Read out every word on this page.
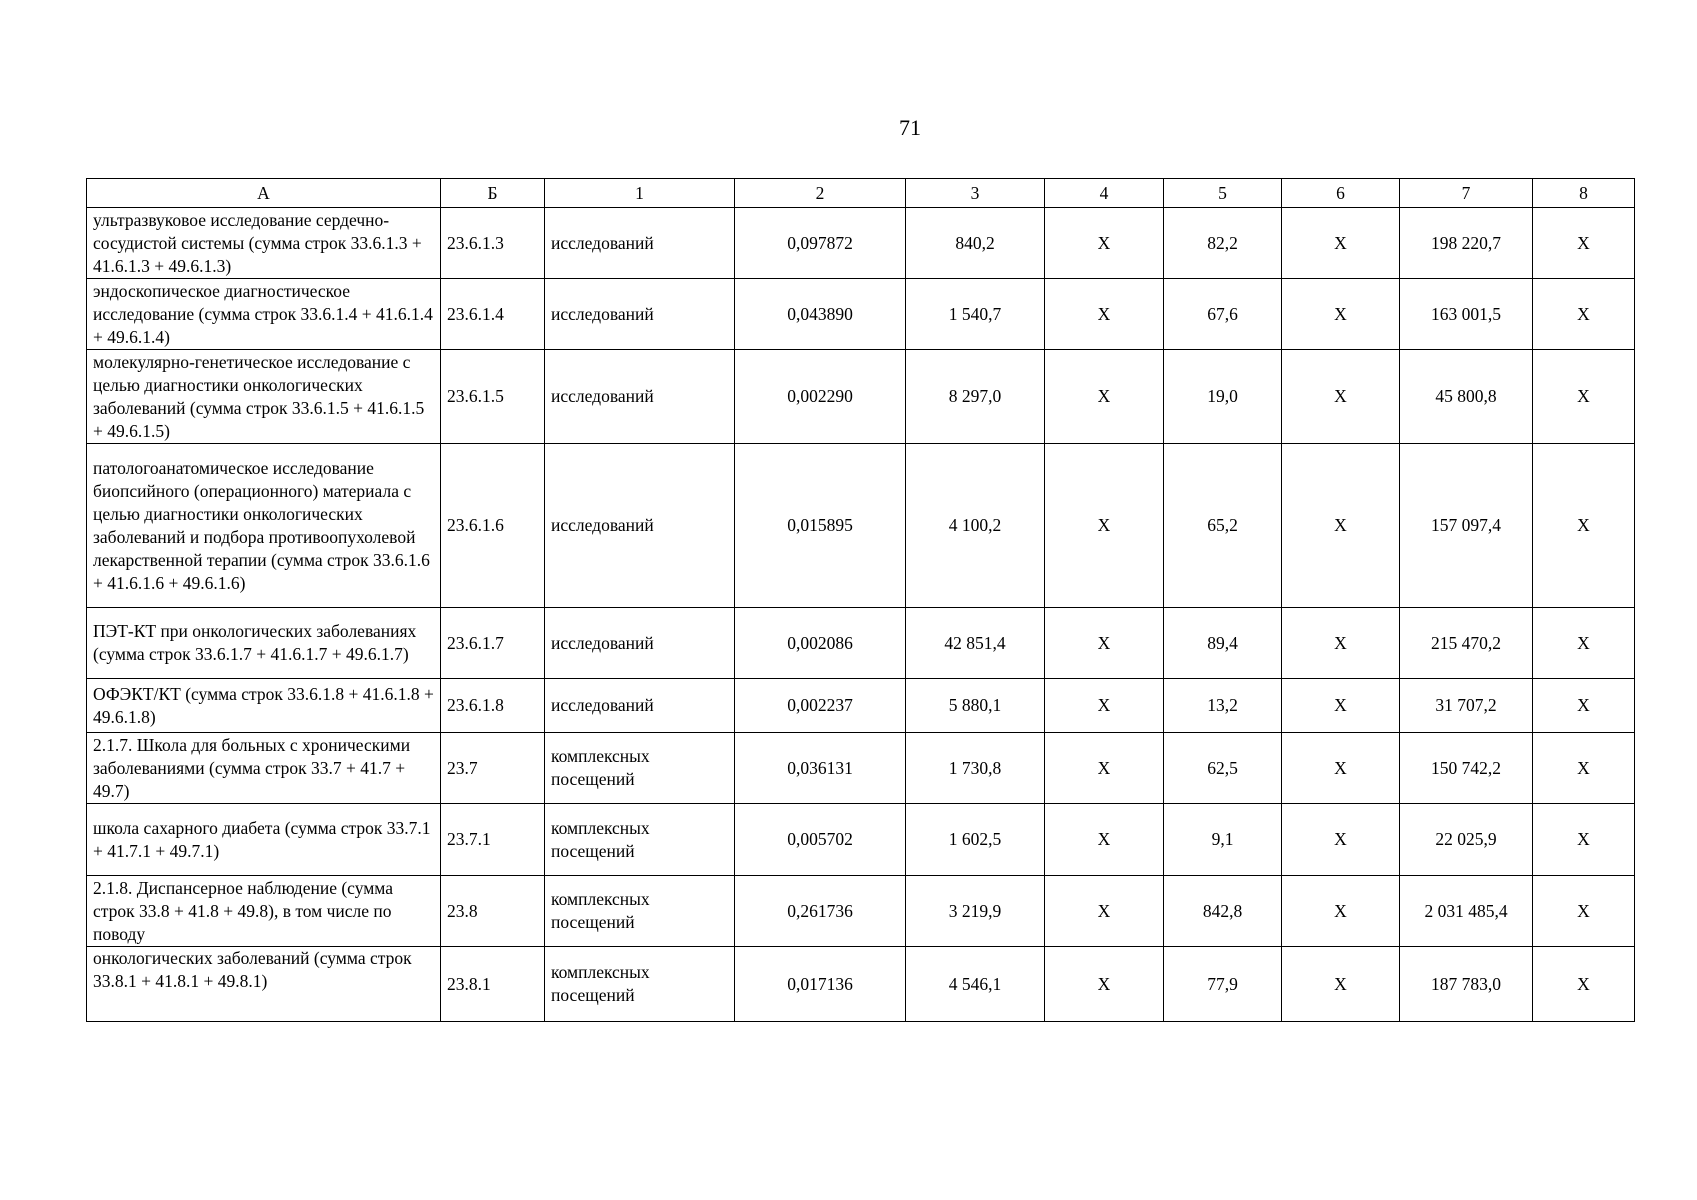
71
А	Б	1	2	3	4	5	6	7	8
ультразвуковое исследование сердечно-сосудистой системы (сумма строк 33.6.1.3 + 41.6.1.3 + 49.6.1.3)	23.6.1.3	исследований	0,097872	840,2	Х	82,2	Х	198 220,7	Х
эндоскопическое диагностическое исследование (сумма строк 33.6.1.4 + 41.6.1.4 + 49.6.1.4)	23.6.1.4	исследований	0,043890	1 540,7	Х	67,6	Х	163 001,5	Х
молекулярно-генетическое исследование с целью диагностики онкологических заболеваний (сумма строк 33.6.1.5 + 41.6.1.5 + 49.6.1.5)	23.6.1.5	исследований	0,002290	8 297,0	Х	19,0	Х	45 800,8	Х
патологоанатомическое исследование биопсийного (операционного) материала с целью диагностики онкологических заболеваний и подбора противоопухолевой лекарственной терапии (сумма строк 33.6.1.6 + 41.6.1.6 + 49.6.1.6)	23.6.1.6	исследований	0,015895	4 100,2	Х	65,2	Х	157 097,4	Х
ПЭТ-КТ при онкологических заболеваниях (сумма строк 33.6.1.7 + 41.6.1.7 + 49.6.1.7)	23.6.1.7	исследований	0,002086	42 851,4	Х	89,4	Х	215 470,2	Х
ОФЭКТ/КТ (сумма строк 33.6.1.8 + 41.6.1.8 + 49.6.1.8)	23.6.1.8	исследований	0,002237	5 880,1	Х	13,2	Х	31 707,2	Х
2.1.7. Школа для больных с хроническими заболеваниями (сумма строк 33.7 + 41.7 + 49.7)	23.7	комплексных посещений	0,036131	1 730,8	Х	62,5	Х	150 742,2	Х
школа сахарного диабета (сумма строк 33.7.1 + 41.7.1 + 49.7.1)	23.7.1	комплексных посещений	0,005702	1 602,5	Х	9,1	Х	22 025,9	Х
2.1.8. Диспансерное наблюдение (сумма строк 33.8 + 41.8 + 49.8), в том числе по поводу	23.8	комплексных посещений	0,261736	3 219,9	Х	842,8	Х	2 031 485,4	Х
онкологических заболеваний (сумма строк 33.8.1 + 41.8.1 + 49.8.1)	23.8.1	комплексных посещений	0,017136	4 546,1	Х	77,9	Х	187 783,0	Х
